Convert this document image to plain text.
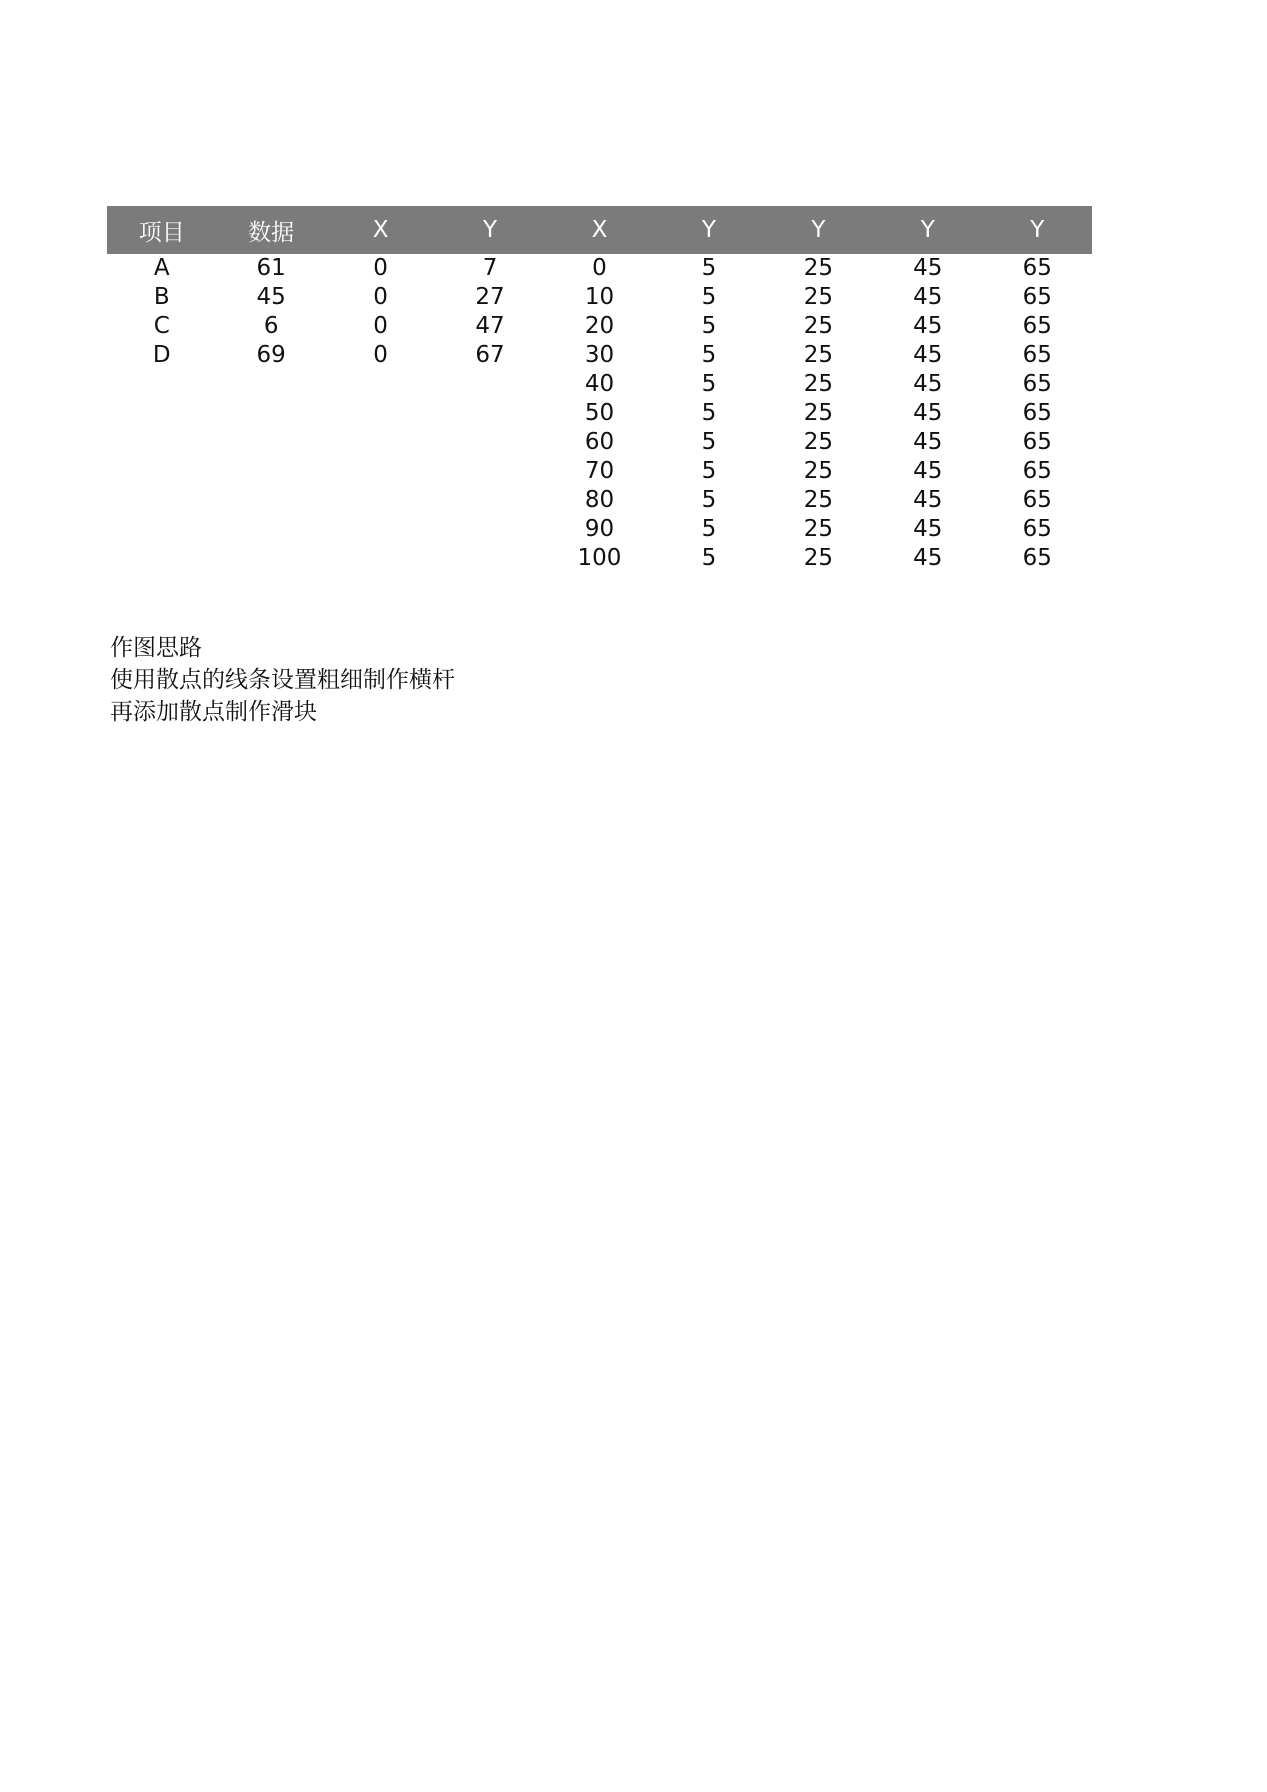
项目	数据	X	Y	X	Y	Y	Y	Y
A	61	0	7	0	5	25	45	65
B	45	0	27	10	5	25	45	65
C	6	0	47	20	5	25	45	65
D	69	0	67	30	5	25	45	65
				40	5	25	45	65
				50	5	25	45	65
				60	5	25	45	65
				70	5	25	45	65
				80	5	25	45	65
				90	5	25	45	65
				100	5	25	45	65
作图思路
使用散点的线条设置粗细制作横杆
再添加散点制作滑块
